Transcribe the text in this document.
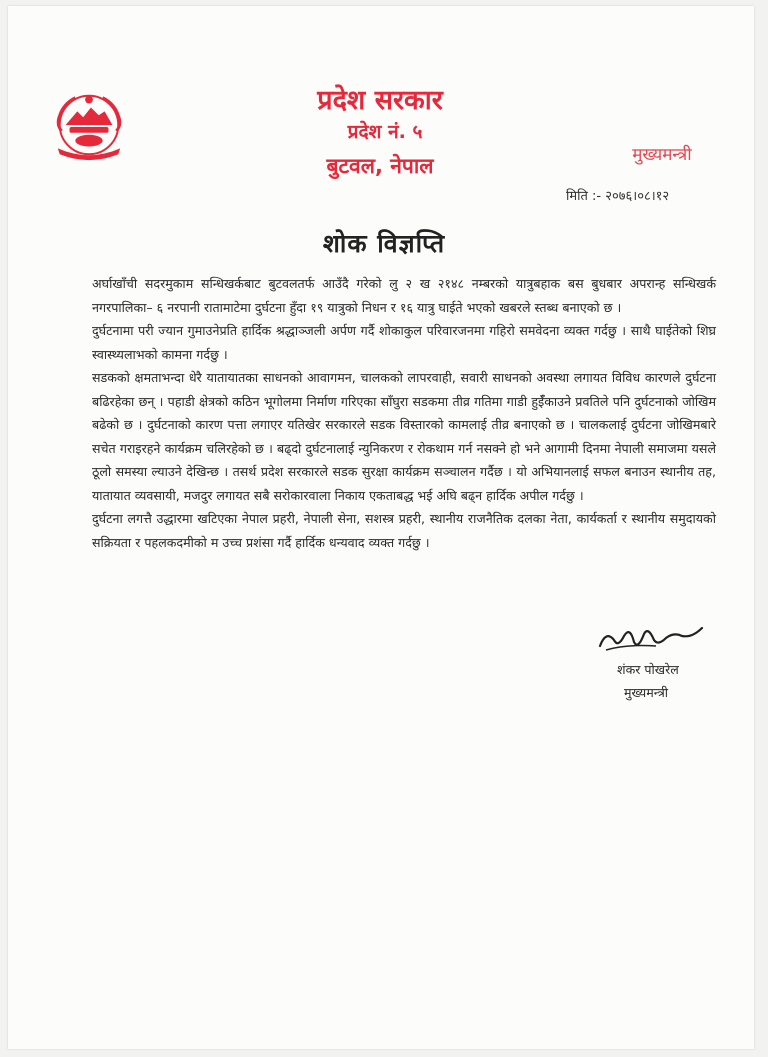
प्रदेश सरकार
प्रदेश नं. ५
बुटवल, नेपाल	मुख्यमन्त्री
मिति :- २०७६।०८।१२
शोक विज्ञप्ति

अर्घाखाँची सदरमुकाम सन्धिखर्कबाट बुटवलतर्फ आउँदै गरेको लु २ ख २१४८ नम्बरको यात्रुबहाक बस बुधबार अपरान्ह सन्धिखर्क नगरपालिका– ६ नरपानी रातामाटेमा दुर्घटना हुँदा १९ यात्रुको निधन र १६ यात्रु घाईते भएको खबरले स्तब्ध बनाएको छ ।

दुर्घटनामा परी ज्यान गुमाउनेप्रति हार्दिक श्रद्धाञ्जली अर्पण गर्दै शोकाकुल परिवारजनमा गहिरो समवेदना व्यक्त गर्दछु । साथै घाईतेको शिघ्र स्वास्थ्यलाभको कामना गर्दछु ।

सडकको क्षमताभन्दा धेरै यातायातका साधनको आवागमन, चालकको लापरवाही, सवारी साधनको अवस्था लगायत विविध कारणले दुर्घटना बढिरहेका छन् । पहाडी क्षेत्रको कठिन भूगोलमा निर्माण गरिएका साँघुरा सडकमा तीव्र गतिमा गाडी हुईँकाउने प्रवतिले पनि दुर्घटनाको जोखिम बढेको छ । दुर्घटनाको कारण पत्ता लगाएर यतिखेर सरकारले सडक विस्तारको कामलाई तीव्र बनाएको छ । चालकलाई दुर्घटना जोखिमबारे सचेत गराइरहने कार्यक्रम चलिरहेको छ । बढ्दो दुर्घटनालाई न्युनिकरण र रोकथाम गर्न नसक्ने हो भने आगामी दिनमा नेपाली समाजमा यसले ठूलो समस्या ल्याउने देखिन्छ । तसर्थ प्रदेश सरकारले सडक सुरक्षा कार्यक्रम सञ्चालन गर्दैछ । यो अभियानलाई सफल बनाउन स्थानीय तह, यातायात व्यवसायी, मजदुर लगायत सबै सरोकारवाला निकाय एकताबद्ध भई अघि बढ्न हार्दिक अपील गर्दछु ।

दुर्घटना लगत्तै उद्धारमा खटिएका नेपाल प्रहरी, नेपाली सेना, सशस्त्र प्रहरी, स्थानीय राजनैतिक दलका नेता, कार्यकर्ता र स्थानीय समुदायको सक्रियता र पहलकदमीको म उच्च प्रशंसा गर्दै हार्दिक धन्यवाद व्यक्त गर्दछु ।

शंकर पोखरेल
मुख्यमन्त्री
